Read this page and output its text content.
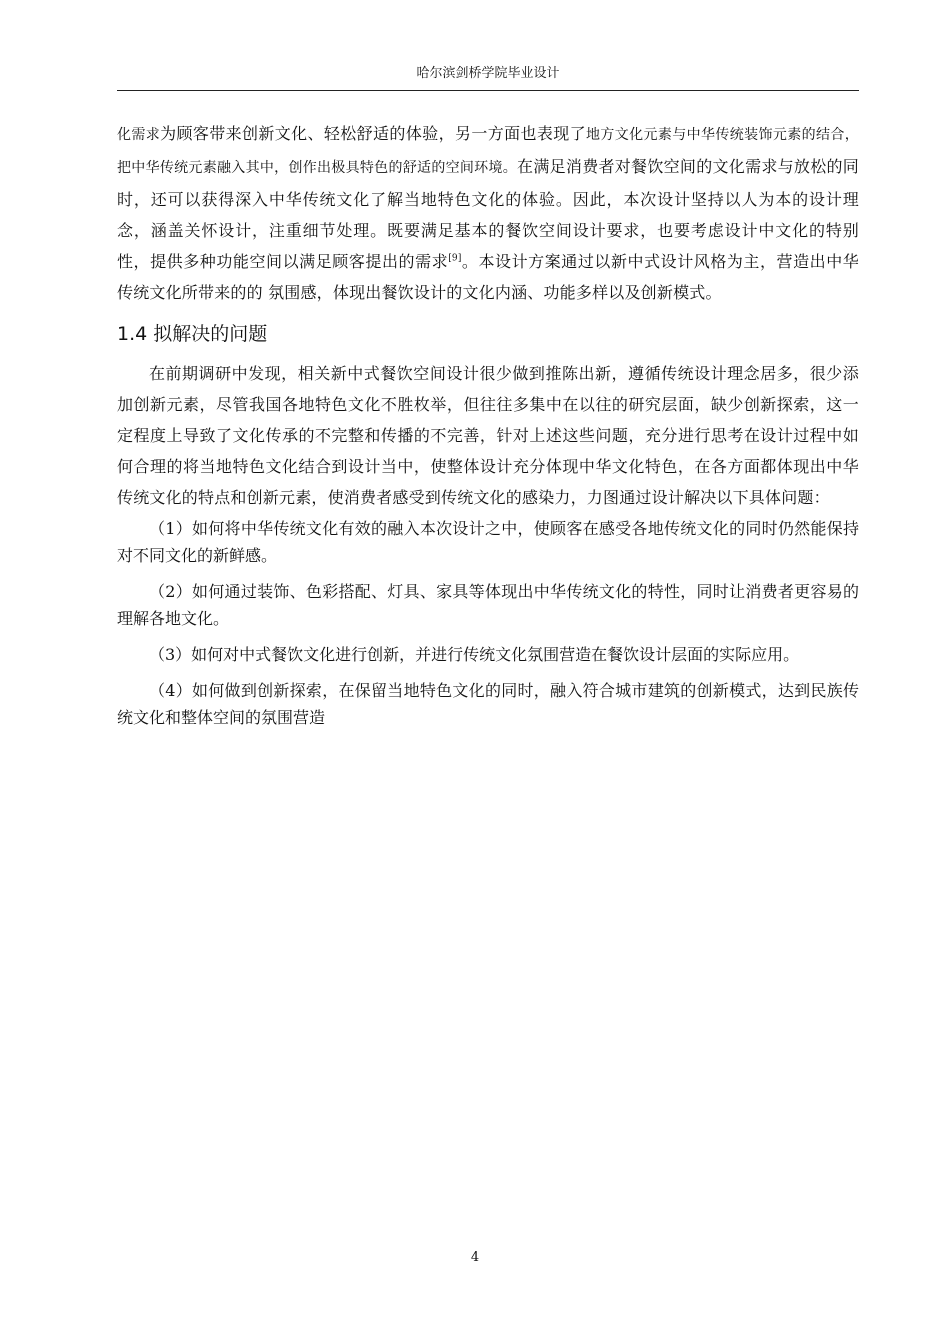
哈尔滨剑桥学院毕业设计

化需求为顾客带来创新文化、轻松舒适的体验，另一方面也表现了地方文化元素与中华传统装饰元素的结合，把中华传统元素融入其中，创作出极具特色的舒适的空间环境。在满足消费者对餐饮空间的文化需求与放松的同时，还可以获得深入中华传统文化了解当地特色文化的体验。因此，本次设计坚持以人为本的设计理念，涵盖关怀设计，注重细节处理。既要满足基本的餐饮空间设计要求，也要考虑设计中文化的特别性，提供多种功能空间以满足顾客提出的需求[9]。本设计方案通过以新中式设计风格为主，营造出中华传统文化所带来的的 氛围感，体现出餐饮设计的文化内涵、功能多样以及创新模式。

1.4 拟解决的问题

在前期调研中发现，相关新中式餐饮空间设计很少做到推陈出新，遵循传统设计理念居多，很少添加创新元素，尽管我国各地特色文化不胜枚举，但往往多集中在以往的研究层面，缺少创新探索，这一定程度上导致了文化传承的不完整和传播的不完善，针对上述这些问题，充分进行思考在设计过程中如何合理的将当地特色文化结合到设计当中，使整体设计充分体现中华文化特色，在各方面都体现出中华传统文化的特点和创新元素，使消费者感受到传统文化的感染力，力图通过设计解决以下具体问题：

（1）如何将中华传统文化有效的融入本次设计之中，使顾客在感受各地传统文化的同时仍然能保持对不同文化的新鲜感。

（2）如何通过装饰、色彩搭配、灯具、家具等体现出中华传统文化的特性，同时让消费者更容易的理解各地文化。

（3）如何对中式餐饮文化进行创新，并进行传统文化氛围营造在餐饮设计层面的实际应用。

（4）如何做到创新探索，在保留当地特色文化的同时，融入符合城市建筑的创新模式，达到民族传统文化和整体空间的氛围营造

4
